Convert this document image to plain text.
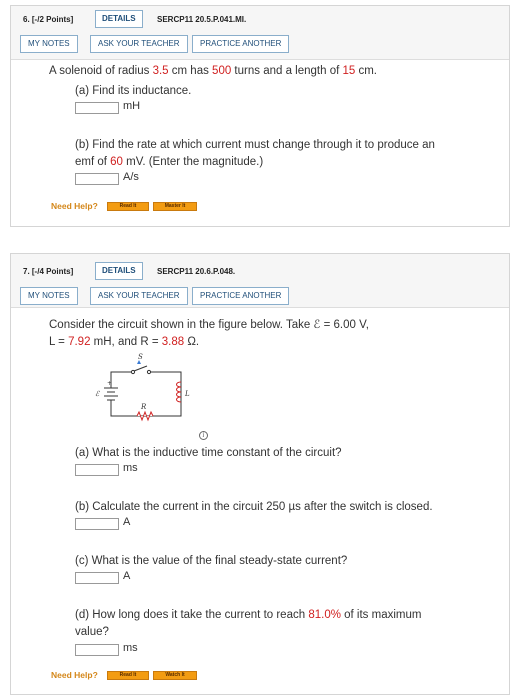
6. [-/2 Points]	DETAILS	SERCP11 20.5.P.041.MI.
MY NOTES	ASK YOUR TEACHER	PRACTICE ANOTHER
A solenoid of radius 3.5 cm has 500 turns and a length of 15 cm.
(a) Find its inductance.
mH
(b) Find the rate at which current must change through it to produce an
emf of 60 mV. (Enter the magnitude.)
A/s
Need Help?	Read It	Master It
7. [-/4 Points]	DETAILS	SERCP11 20.6.P.048.
MY NOTES	ASK YOUR TEACHER	PRACTICE ANOTHER
Consider the circuit shown in the figure below. Take ℰ = 6.00 V,
L = 7.92 mH, and R = 3.88 Ω.
S
ℰ
+
R
L
i
(a) What is the inductive time constant of the circuit?
ms
(b) Calculate the current in the circuit 250 µs after the switch is closed.
A
(c) What is the value of the final steady-state current?
A
(d) How long does it take the current to reach 81.0% of its maximum
value?
ms
Need Help?	Read It	Watch It
